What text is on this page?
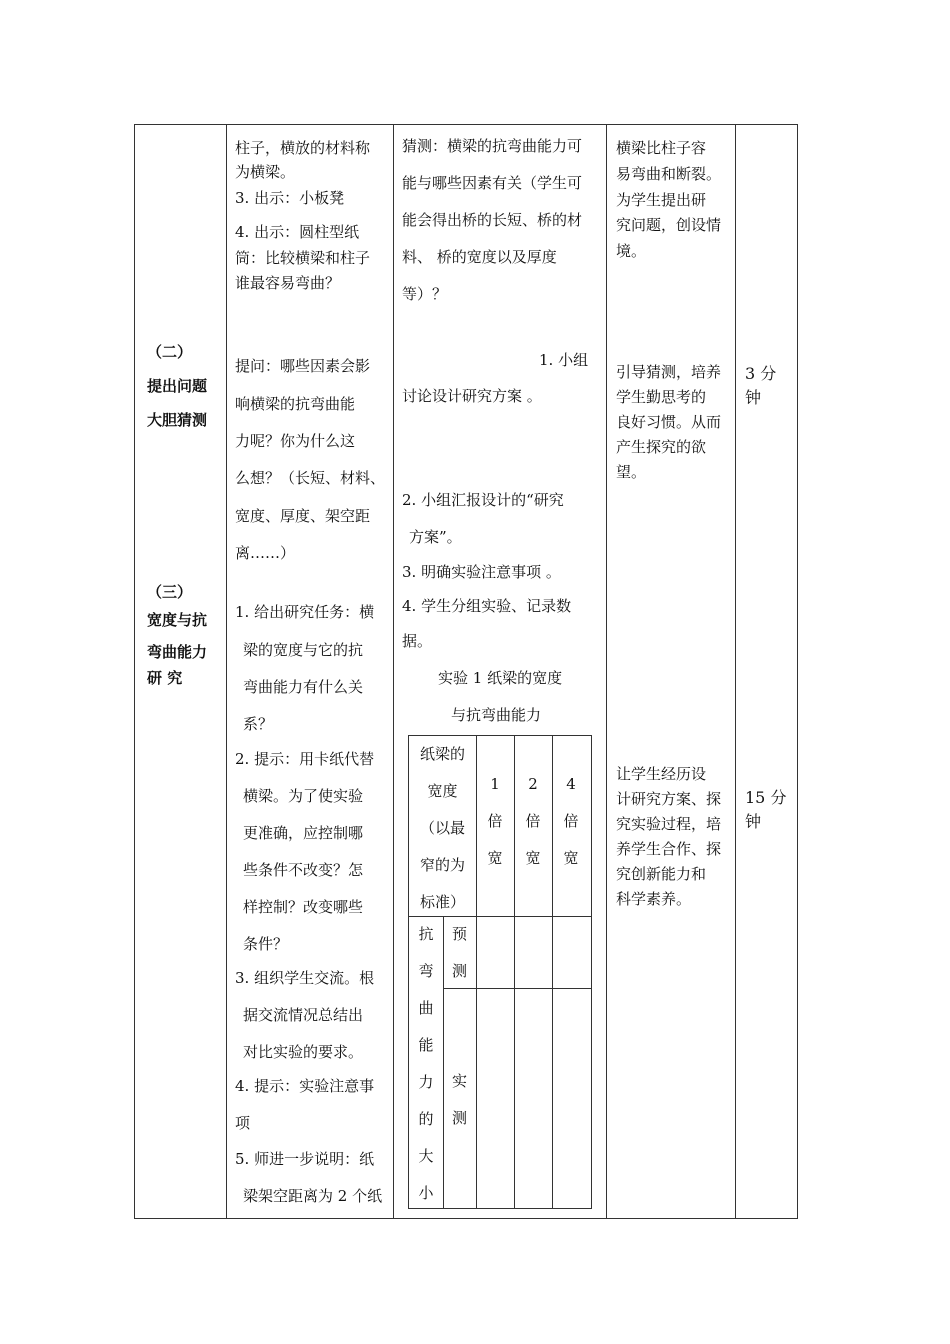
（二）
提出问题
大胆猜测
（三）
宽度与抗
弯曲能力
研 究
柱子，横放的材料称
为横梁。
3. 出示：小板凳
4. 出示：圆柱型纸
筒：比较横梁和柱子
谁最容易弯曲？
提问：哪些因素会影
响横梁的抗弯曲能
力呢？你为什么这
么想？（长短、材料、
宽度、厚度、架空距
离……）
1. 给出研究任务：横
梁的宽度与它的抗
弯曲能力有什么关
系？
2. 提示：用卡纸代替
横梁。为了使实验
更准确，应控制哪
些条件不改变？怎
样控制？改变哪些
条件？
3. 组织学生交流。根
据交流情况总结出
对比实验的要求。
4. 提示：实验注意事
项
5. 师进一步说明：纸
梁架空距离为 2 个纸
猜测：横梁的抗弯曲能力可
能与哪些因素有关（学生可
能会得出桥的长短、桥的材
料、 桥的宽度以及厚度
等）？
1. 小组
讨论设计研究方案 。
2. 小组汇报设计的“研究
方案”。
3. 明确实验注意事项 。
4. 学生分组实验、记录数
据。
实验 1 纸梁的宽度
与抗弯曲能力
纸梁的
宽度
（以最
窄的为
标准）
1
倍
宽
2
倍
宽
4
倍
宽
抗
弯
曲
能
力
的
大
小
预
测
实
测
横梁比柱子容
易弯曲和断裂。
为学生提出研
究问题，创设情
境。
引导猜测，培养
学生勤思考的
良好习惯。从而
产生探究的欲
望。
让学生经历设
计研究方案、探
究实验过程，培
养学生合作、探
究创新能力和
科学素养。
3 分
钟
15 分
钟
